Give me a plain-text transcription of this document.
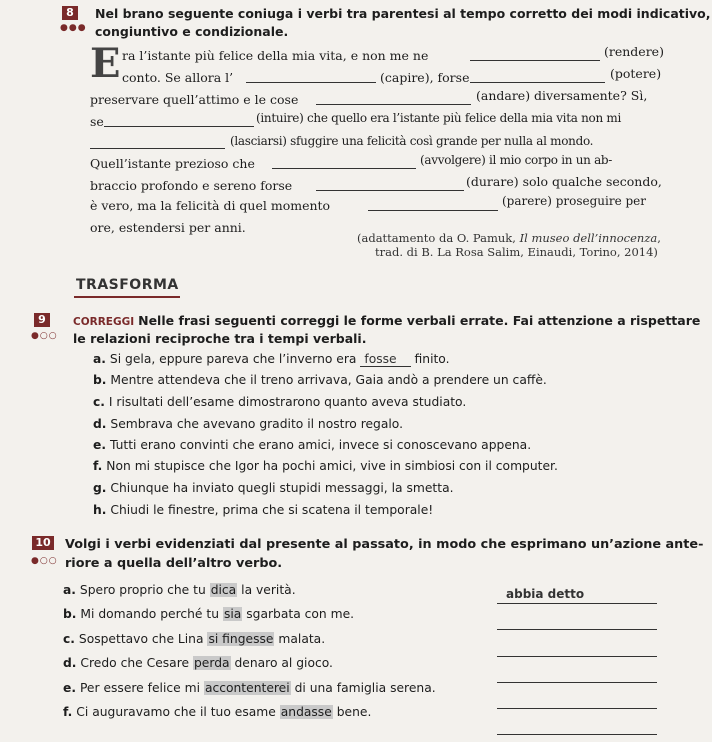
8
●●●
Nel brano seguente coniuga i verbi tra parentesi al tempo corretto dei modi indicativo,
congiuntivo e condizionale.
E ra l’istante più felice della mia vita, e non me ne	(rendere)
conto. Se allora l’	(capire), forse	(potere)
preservare quell’attimo e le cose	(andare) diversamente? Sì,
se	(intuire) che quello era l’istante più felice della mia vita non mi
(lasciarsi) sfuggire una felicità così grande per nulla al mondo.
Quell’istante prezioso che	(avvolgere) il mio corpo in un ab-
braccio profondo e sereno forse	(durare) solo qualche secondo,
è vero, ma la felicità di quel momento	(parere) proseguire per
ore, estendersi per anni.
(adattamento da O. Pamuk, Il museo dell’innocenza,
trad. di B. La Rosa Salim, Einaudi, Torino, 2014)
TRASFORMA
9
●○○
CORREGGI Nelle frasi seguenti correggi le forme verbali errate. Fai attenzione a rispettare
le relazioni reciproche tra i tempi verbali.
a. Si gela, eppure pareva che l’inverno era fosse finito.
b. Mentre attendeva che il treno arrivava, Gaia andò a prendere un caffè.
c. I risultati dell’esame dimostrarono quanto aveva studiato.
d. Sembrava che avevano gradito il nostro regalo.
e. Tutti erano convinti che erano amici, invece si conoscevano appena.
f. Non mi stupisce che Igor ha pochi amici, vive in simbiosi con il computer.
g. Chiunque ha inviato quegli stupidi messaggi, la smetta.
h. Chiudi le finestre, prima che si scatena il temporale!
10
●○○
Volgi i verbi evidenziati dal presente al passato, in modo che esprimano un’azione ante-
riore a quella dell’altro verbo.
a. Spero proprio che tu dica la verità.	abbia detto
b. Mi domando perché tu sia sgarbata con me.
c. Sospettavo che Lina si fingesse malata.
d. Credo che Cesare perda denaro al gioco.
e. Per essere felice mi accontenterei di una famiglia serena.
f. Ci auguravamo che il tuo esame andasse bene.
